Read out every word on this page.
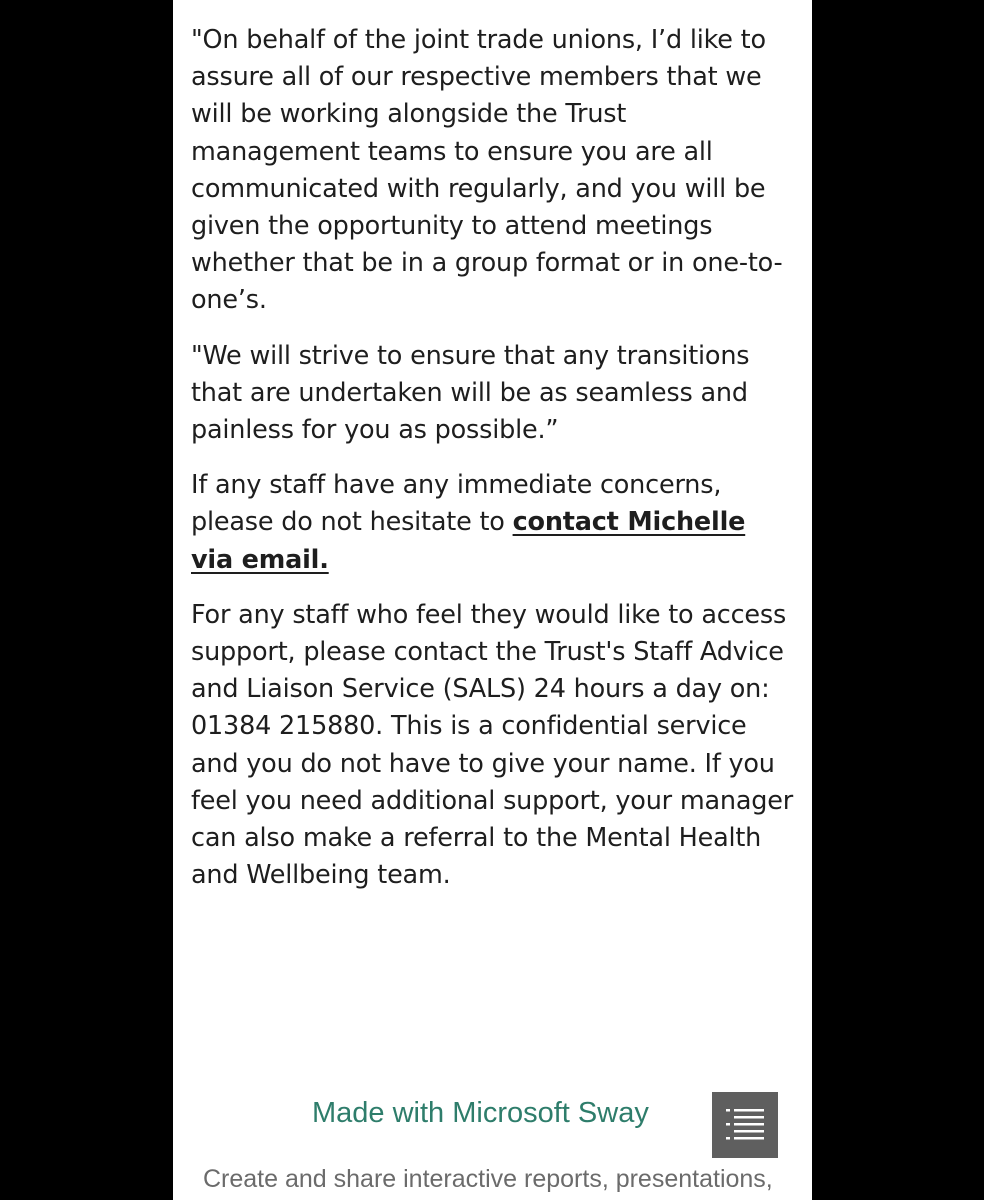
"On behalf of the joint trade unions, I’d like to
assure all of our respective members that we
will be working alongside the Trust
management teams to ensure you are all
communicated with regularly, and you will be
given the opportunity to attend meetings
whether that be in a group format or in one-to-
one’s.

"We will strive to ensure that any transitions
that are undertaken will be as seamless and
painless for you as possible.”

If any staff have any immediate concerns,
please do not hesitate to contact Michelle
via email.

For any staff who feel they would like to access
support, please contact the Trust's Staff Advice
and Liaison Service (SALS) 24 hours a day on:
01384 215880. This is a confidential service
and you do not have to give your name. If you
feel you need additional support, your manager
can also make a referral to the Mental Health
and Wellbeing team.

Made with Microsoft Sway
Create and share interactive reports, presentations,
